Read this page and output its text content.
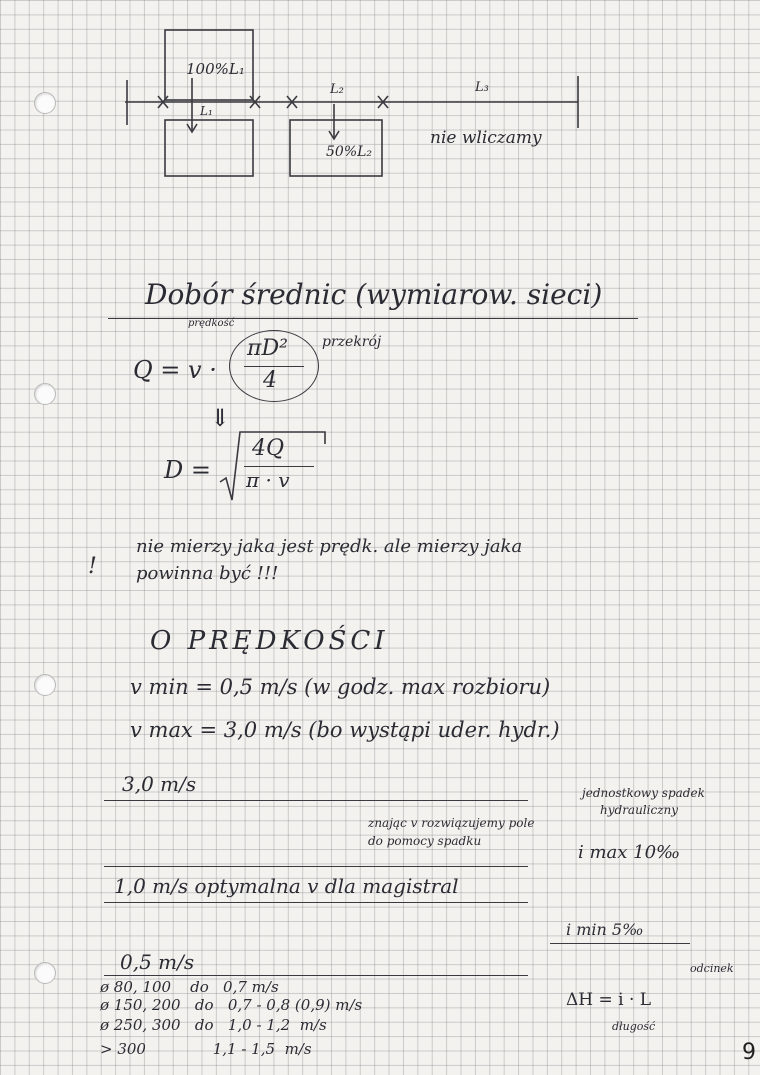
100%L₁
L₁
L₂	L₃
50%L₂
nie wliczamy
Dobór średnic (wymiarow. sieci)
prędkość
przekrój
Q = v ·
πD²
4
⇓
D =
4Q
π · v
!
nie mierzy jaka jest prędk. ale mierzy jaka
powinna być !!!
O PRĘDKOŚCI
v min = 0,5 m/s (w godz. max rozbioru)
v max = 3,0 m/s (bo wystąpi uder. hydr.)
3,0 m/s	jednostkowy spadek
hydrauliczny
znając v rozwiązujemy pole
do pomocy spadku
i max 10‰
1,0 m/s optymalna v dla magistral
i min 5‰
0,5 m/s
ø 80, 100    do   0,7 m/s
ø 150, 200   do   0,7 - 0,8 (0,9) m/s
ø 250, 300   do   1,0 - 1,2  m/s
> 300              1,1 - 1,5  m/s
ΔH = i · L
odcinek
długość
9
